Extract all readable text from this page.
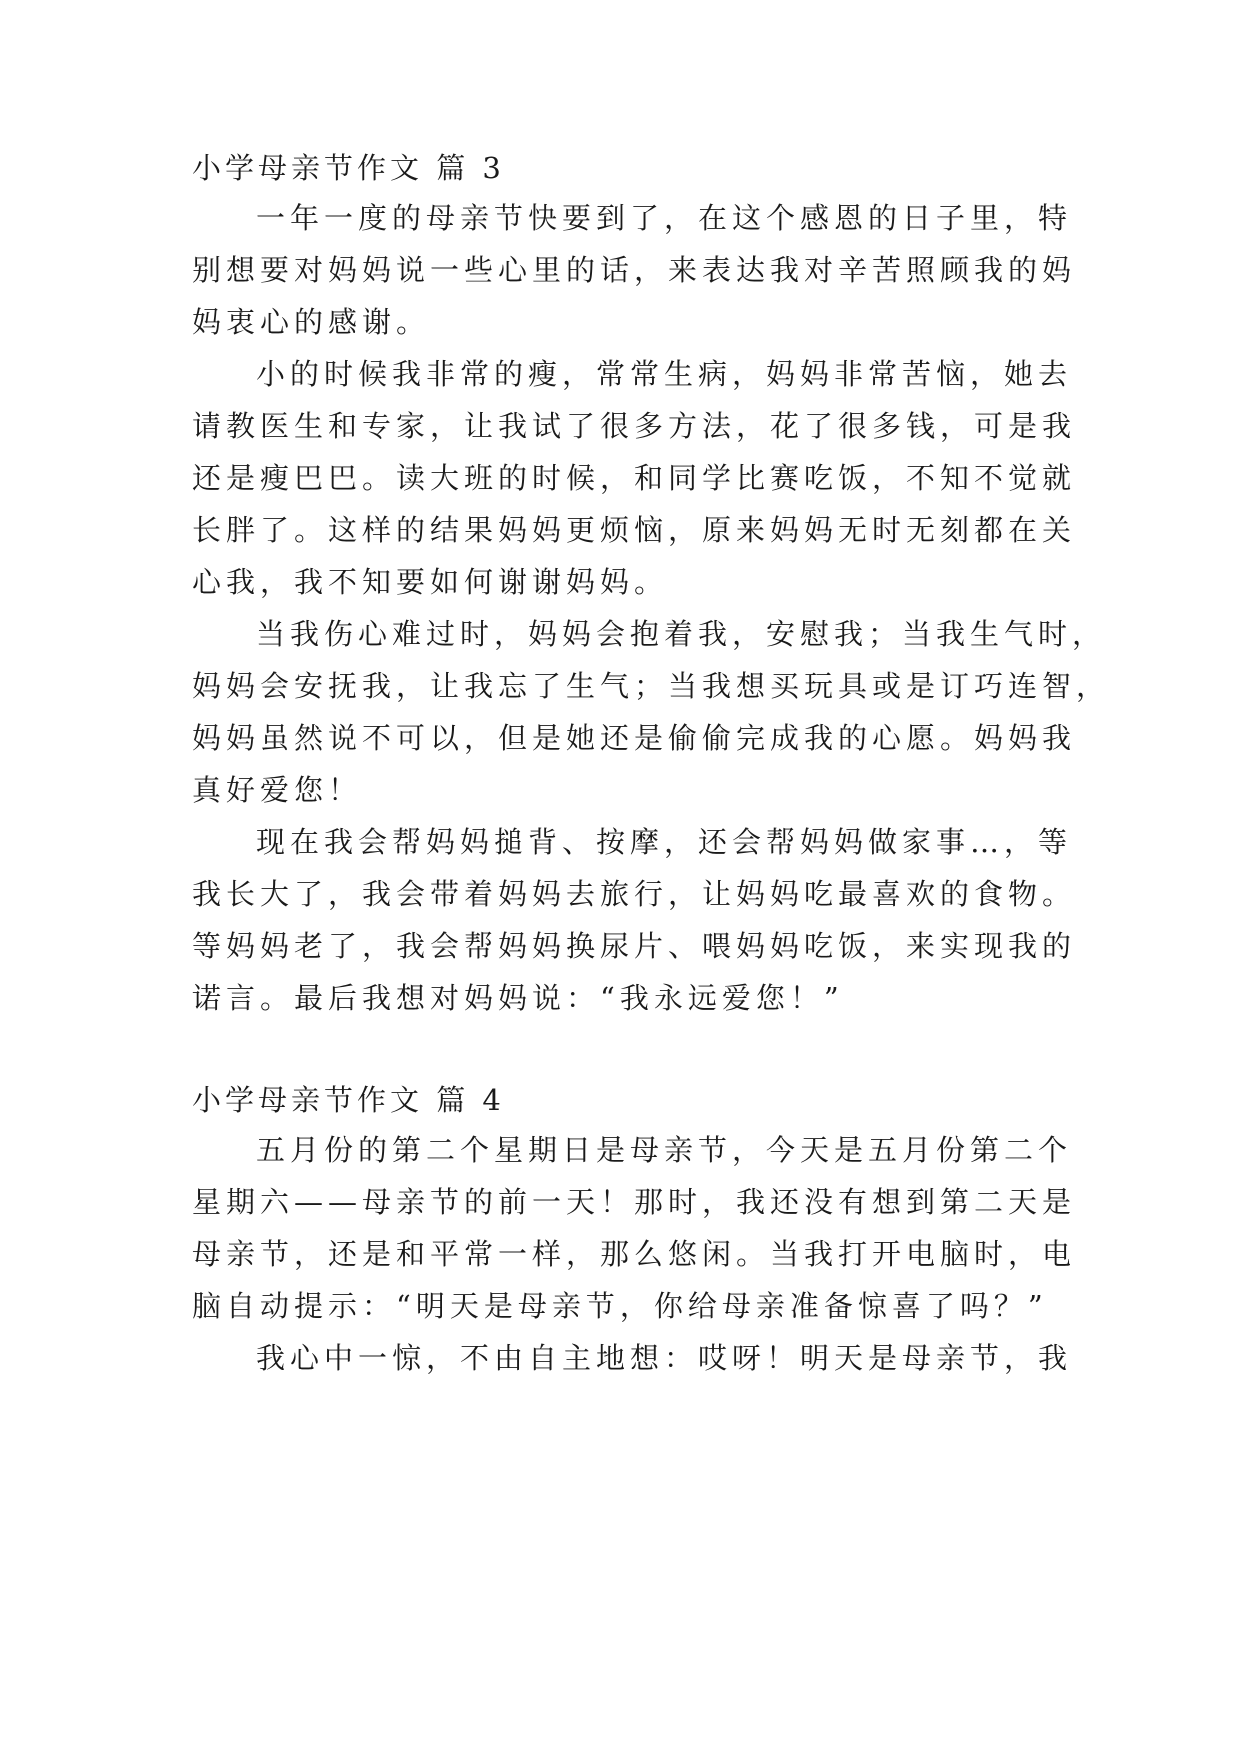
小学母亲节作文 篇 3

一年一度的母亲节快要到了，在这个感恩的日子里，特

别想要对妈妈说一些心里的话，来表达我对辛苦照顾我的妈

妈衷心的感谢。

小的时候我非常的瘦，常常生病，妈妈非常苦恼，她去

请教医生和专家，让我试了很多方法，花了很多钱，可是我

还是瘦巴巴。读大班的时候，和同学比赛吃饭，不知不觉就

长胖了。这样的结果妈妈更烦恼，原来妈妈无时无刻都在关

心我，我不知要如何谢谢妈妈。

当我伤心难过时，妈妈会抱着我，安慰我；当我生气时，

妈妈会安抚我，让我忘了生气；当我想买玩具或是订巧连智，

妈妈虽然说不可以，但是她还是偷偷完成我的心愿。妈妈我

真好爱您！

现在我会帮妈妈搥背、按摩，还会帮妈妈做家事…，等

我长大了，我会带着妈妈去旅行，让妈妈吃最喜欢的食物。

等妈妈老了，我会帮妈妈换尿片、喂妈妈吃饭，来实现我的

诺言。最后我想对妈妈说：“我永远爱您！”

小学母亲节作文 篇 4

五月份的第二个星期日是母亲节，今天是五月份第二个

星期六——母亲节的前一天！那时，我还没有想到第二天是

母亲节，还是和平常一样，那么悠闲。当我打开电脑时，电

脑自动提示：“明天是母亲节，你给母亲准备惊喜了吗？”

我心中一惊，不由自主地想：哎呀！明天是母亲节，我
